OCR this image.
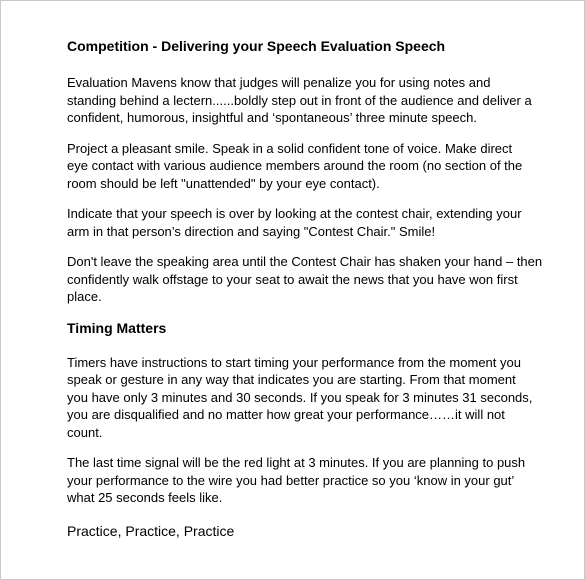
Competition - Delivering your Speech Evaluation Speech

Evaluation Mavens know that judges will penalize you for using notes and
standing behind a lectern......boldly step out in front of the audience and deliver a
confident, humorous, insightful and ‘spontaneous’ three minute speech.

Project a pleasant smile. Speak in a solid confident tone of voice. Make direct
eye contact with various audience members around the room (no section of the
room should be left "unattended" by your eye contact).

Indicate that your speech is over by looking at the contest chair, extending your
arm in that person’s direction and saying "Contest Chair." Smile!

Don't leave the speaking area until the Contest Chair has shaken your hand – then
confidently walk offstage to your seat to await the news that you have won first
place.

Timing Matters

Timers have instructions to start timing your performance from the moment you
speak or gesture in any way that indicates you are starting. From that moment
you have only 3 minutes and 30 seconds. If you speak for 3 minutes 31 seconds,
you are disqualified and no matter how great your performance……it will not
count.

The last time signal will be the red light at 3 minutes. If you are planning to push
your performance to the wire you had better practice so you ‘know in your gut’
what 25 seconds feels like.

Practice, Practice, Practice
